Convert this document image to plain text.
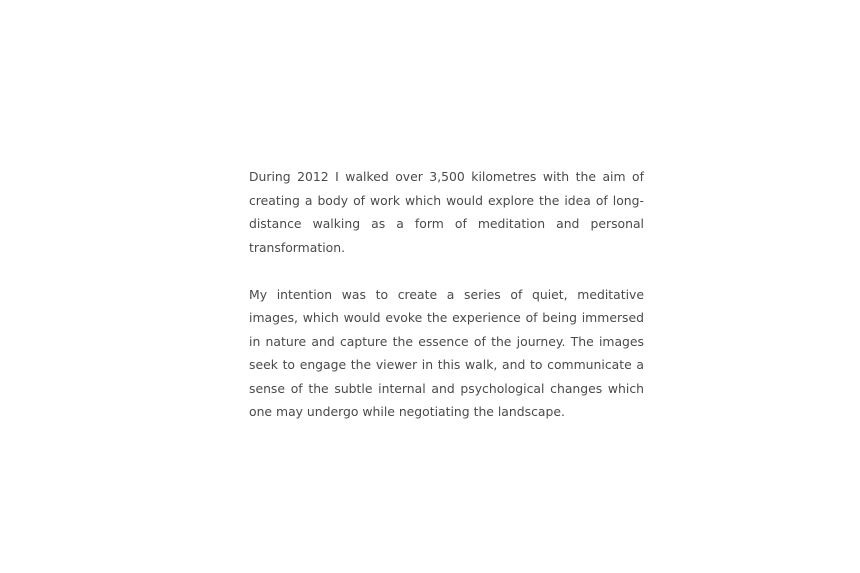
During 2012 I walked over 3,500 kilometres with the aim of creating a body of work which would explore the idea of long-distance walking as a form of meditation and personal transformation.

My intention was to create a series of quiet, meditative images, which would evoke the experience of being immersed in nature and capture the essence of the journey. The images seek to engage the viewer in this walk, and to communicate a sense of the subtle internal and psychological changes which one may undergo while negotiating the landscape.
